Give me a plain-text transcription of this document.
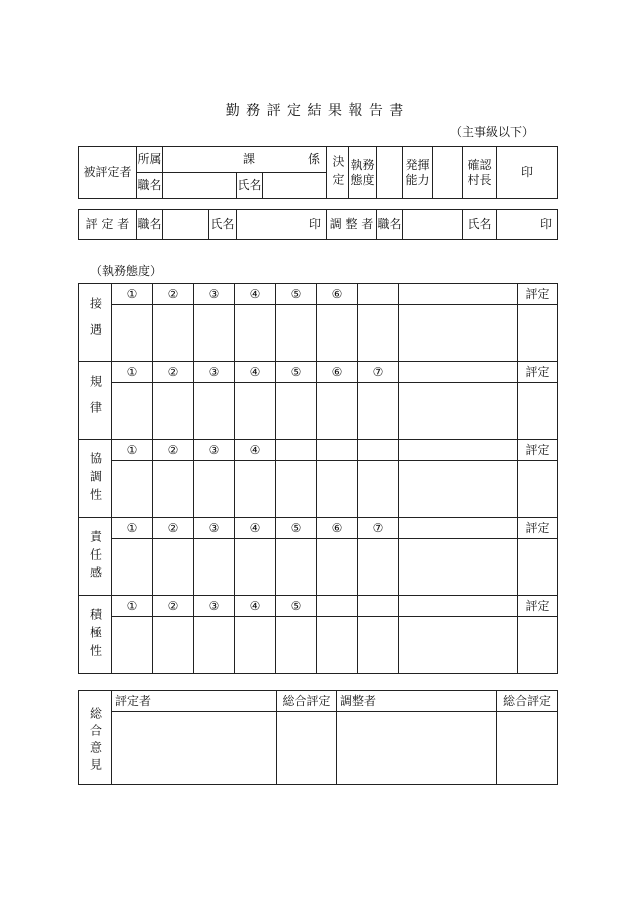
勤 務 評 定 結 果 報 告 書
（主事級以下）
被評定者	所属	課 係				決定	執務態度		発揮能力		確認村長	印
	職名			氏名								

評 定 者	職名		氏名	印		調 整 者		職名			氏名	印
（執務態度）
接遇	①	②	③	④	⑤	⑥			評定

規律	①	②	③	④	⑤	⑥	⑦		評定

協調性	①	②	③	④					評定

責任感	①	②	③	④	⑤	⑥	⑦		評定

積極性	①	②	③	④	⑤				評定

総合意見	評定者	総合評定	調整者	総合評定
